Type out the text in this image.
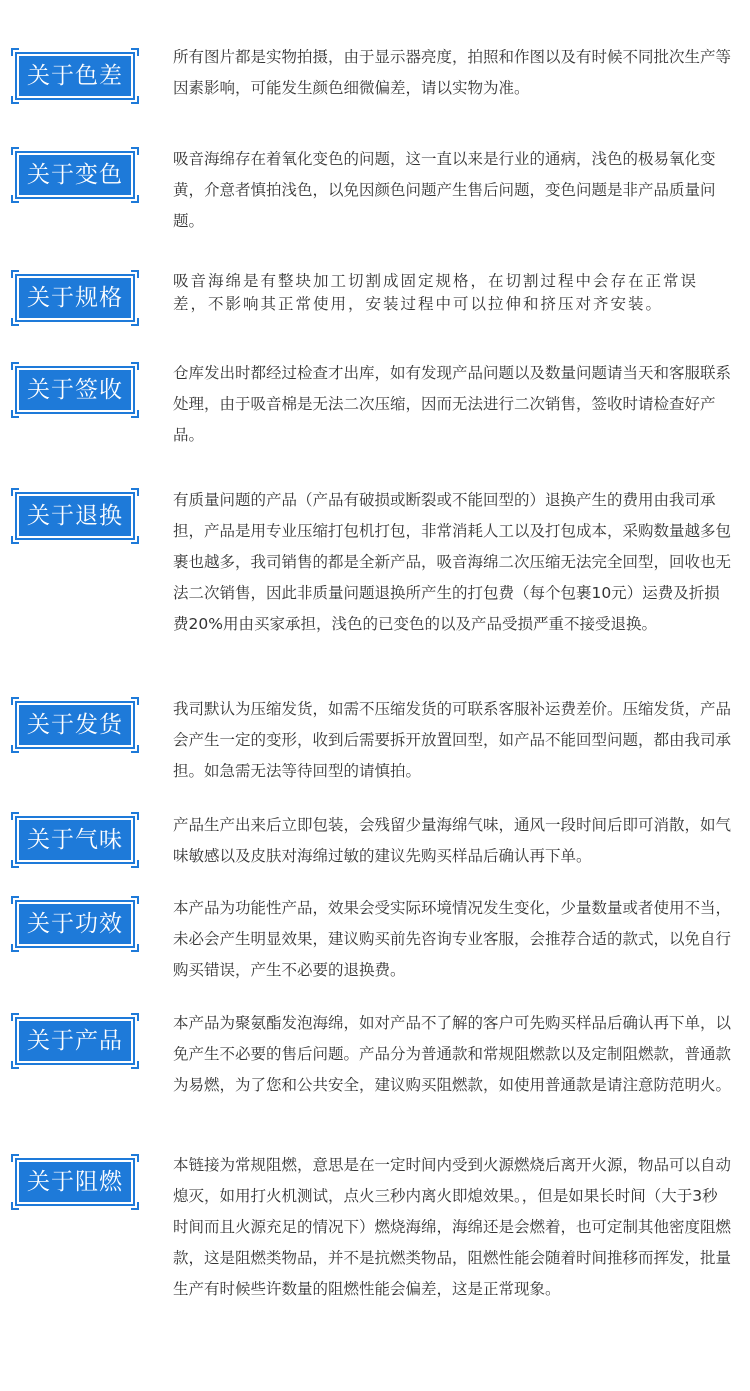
关于色差

所有图片都是实物拍摄，由于显示器亮度，拍照和作图以及有时候不同批次生产等因素影响，可能发生颜色细微偏差，请以实物为准。

关于变色

吸音海绵存在着氧化变色的问题，这一直以来是行业的通病，浅色的极易氧化变黄，介意者慎拍浅色，以免因颜色问题产生售后问题，变色问题是非产品质量问题。

关于规格

吸音海绵是有整块加工切割成固定规格，在切割过程中会存在正常误差，不影响其正常使用，安装过程中可以拉伸和挤压对齐安装。

关于签收

仓库发出时都经过检查才出库，如有发现产品问题以及数量问题请当天和客服联系处理，由于吸音棉是无法二次压缩，因而无法进行二次销售，签收时请检查好产品。

关于退换

有质量问题的产品（产品有破损或断裂或不能回型的）退换产生的费用由我司承担，产品是用专业压缩打包机打包，非常消耗人工以及打包成本，采购数量越多包裹也越多，我司销售的都是全新产品，吸音海绵二次压缩无法完全回型，回收也无法二次销售，因此非质量问题退换所产生的打包费（每个包裹10元）运费及折损费20%用由买家承担，浅色的已变色的以及产品受损严重不接受退换。

关于发货

我司默认为压缩发货，如需不压缩发货的可联系客服补运费差价。压缩发货，产品会产生一定的变形，收到后需要拆开放置回型，如产品不能回型问题，都由我司承担。如急需无法等待回型的请慎拍。

关于气味

产品生产出来后立即包装，会残留少量海绵气味，通风一段时间后即可消散，如气味敏感以及皮肤对海绵过敏的建议先购买样品后确认再下单。

关于功效

本产品为功能性产品，效果会受实际环境情况发生变化，少量数量或者使用不当，未必会产生明显效果，建议购买前先咨询专业客服，会推荐合适的款式，以免自行购买错误，产生不必要的退换费。

关于产品

本产品为聚氨酯发泡海绵，如对产品不了解的客户可先购买样品后确认再下单，以免产生不必要的售后问题。产品分为普通款和常规阻燃款以及定制阻燃款，普通款为易燃，为了您和公共安全，建议购买阻燃款，如使用普通款是请注意防范明火。

关于阻燃

本链接为常规阻燃，意思是在一定时间内受到火源燃烧后离开火源，物品可以自动熄灭，如用打火机测试，点火三秒内离火即熄效果。，但是如果长时间（大于3秒时间而且火源充足的情况下）燃烧海绵，海绵还是会燃着，也可定制其他密度阻燃款，这是阻燃类物品，并不是抗燃类物品，阻燃性能会随着时间推移而挥发，批量生产有时候些许数量的阻燃性能会偏差，这是正常现象。
